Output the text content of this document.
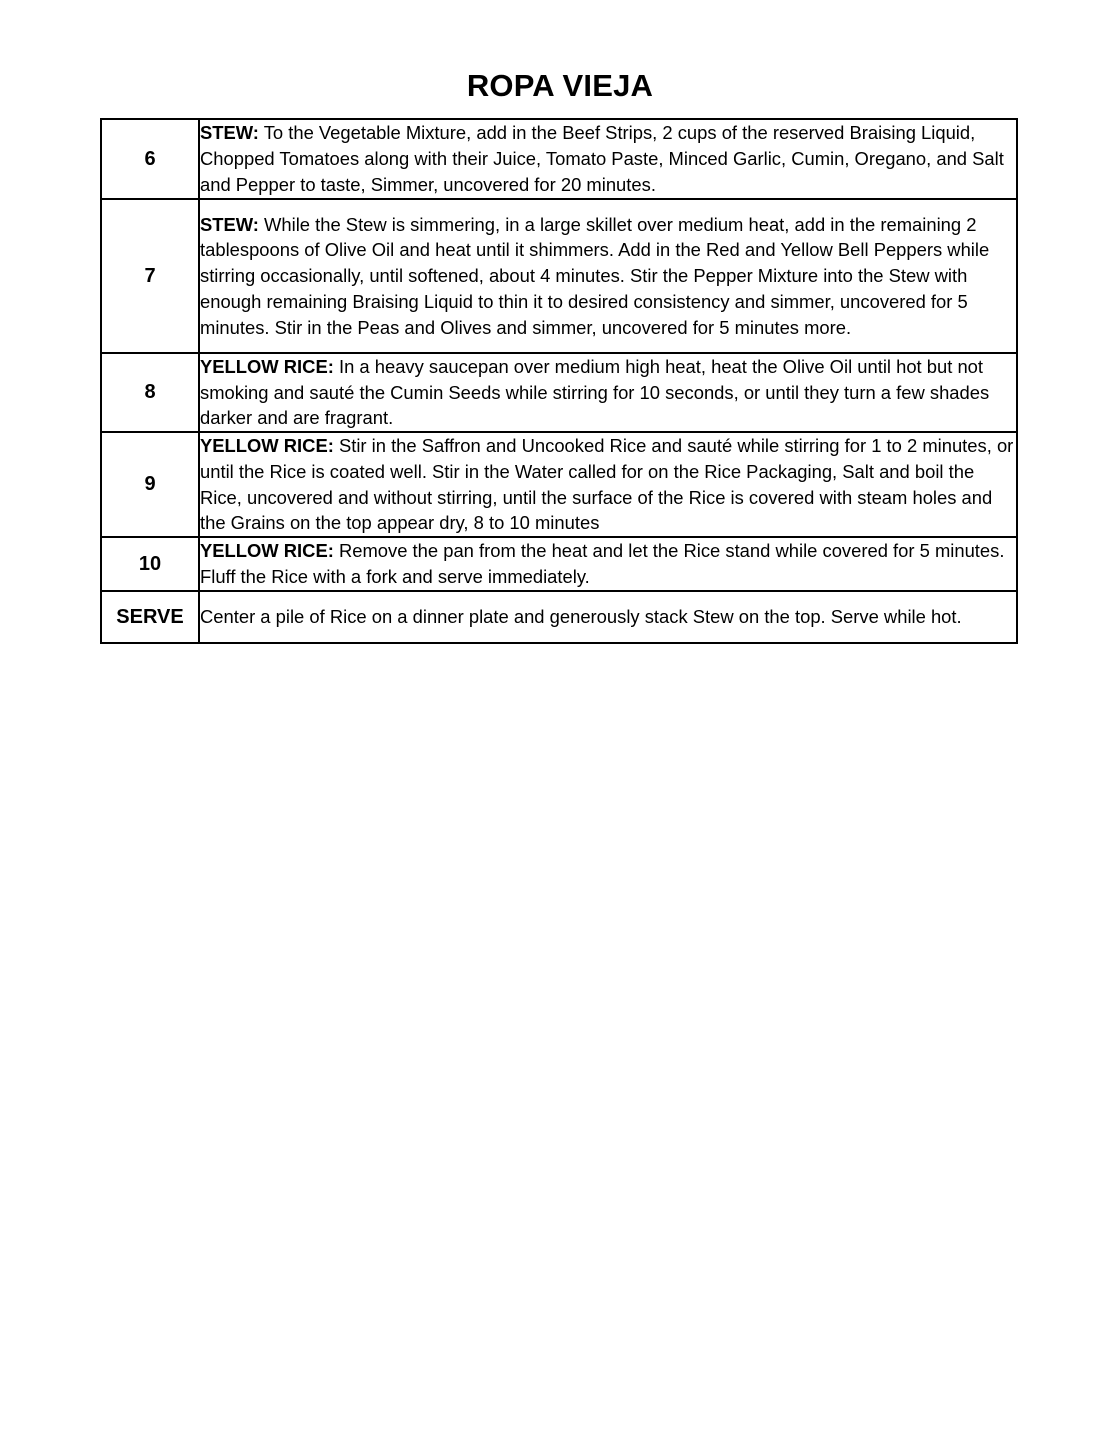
ROPA VIEJA
6	STEW: To the Vegetable Mixture, add in the Beef Strips, 2 cups of the reserved Braising Liquid, Chopped Tomatoes along with their Juice, Tomato Paste, Minced Garlic, Cumin, Oregano, and Salt and Pepper to taste, Simmer, uncovered for 20 minutes.
7	STEW: While the Stew is simmering, in a large skillet over medium heat, add in the remaining 2 tablespoons of Olive Oil and heat until it shimmers. Add in the Red and Yellow Bell Peppers while stirring occasionally, until softened, about 4 minutes. Stir the Pepper Mixture into the Stew with enough remaining Braising Liquid to thin it to desired consistency and simmer, uncovered for 5 minutes. Stir in the Peas and Olives and simmer, uncovered for 5 minutes more.
8	YELLOW RICE: In a heavy saucepan over medium high heat, heat the Olive Oil until hot but not smoking and sauté the Cumin Seeds while stirring for 10 seconds, or until they turn a few shades darker and are fragrant.
9	YELLOW RICE: Stir in the Saffron and Uncooked Rice and sauté while stirring for 1 to 2 minutes, or until the Rice is coated well. Stir in the Water called for on the Rice Packaging, Salt and boil the Rice, uncovered and without stirring, until the surface of the Rice is covered with steam holes and the Grains on the top appear dry, 8 to 10 minutes
10	YELLOW RICE: Remove the pan from the heat and let the Rice stand while covered for 5 minutes. Fluff the Rice with a fork and serve immediately.
SERVE	Center a pile of Rice on a dinner plate and generously stack Stew on the top. Serve while hot.
